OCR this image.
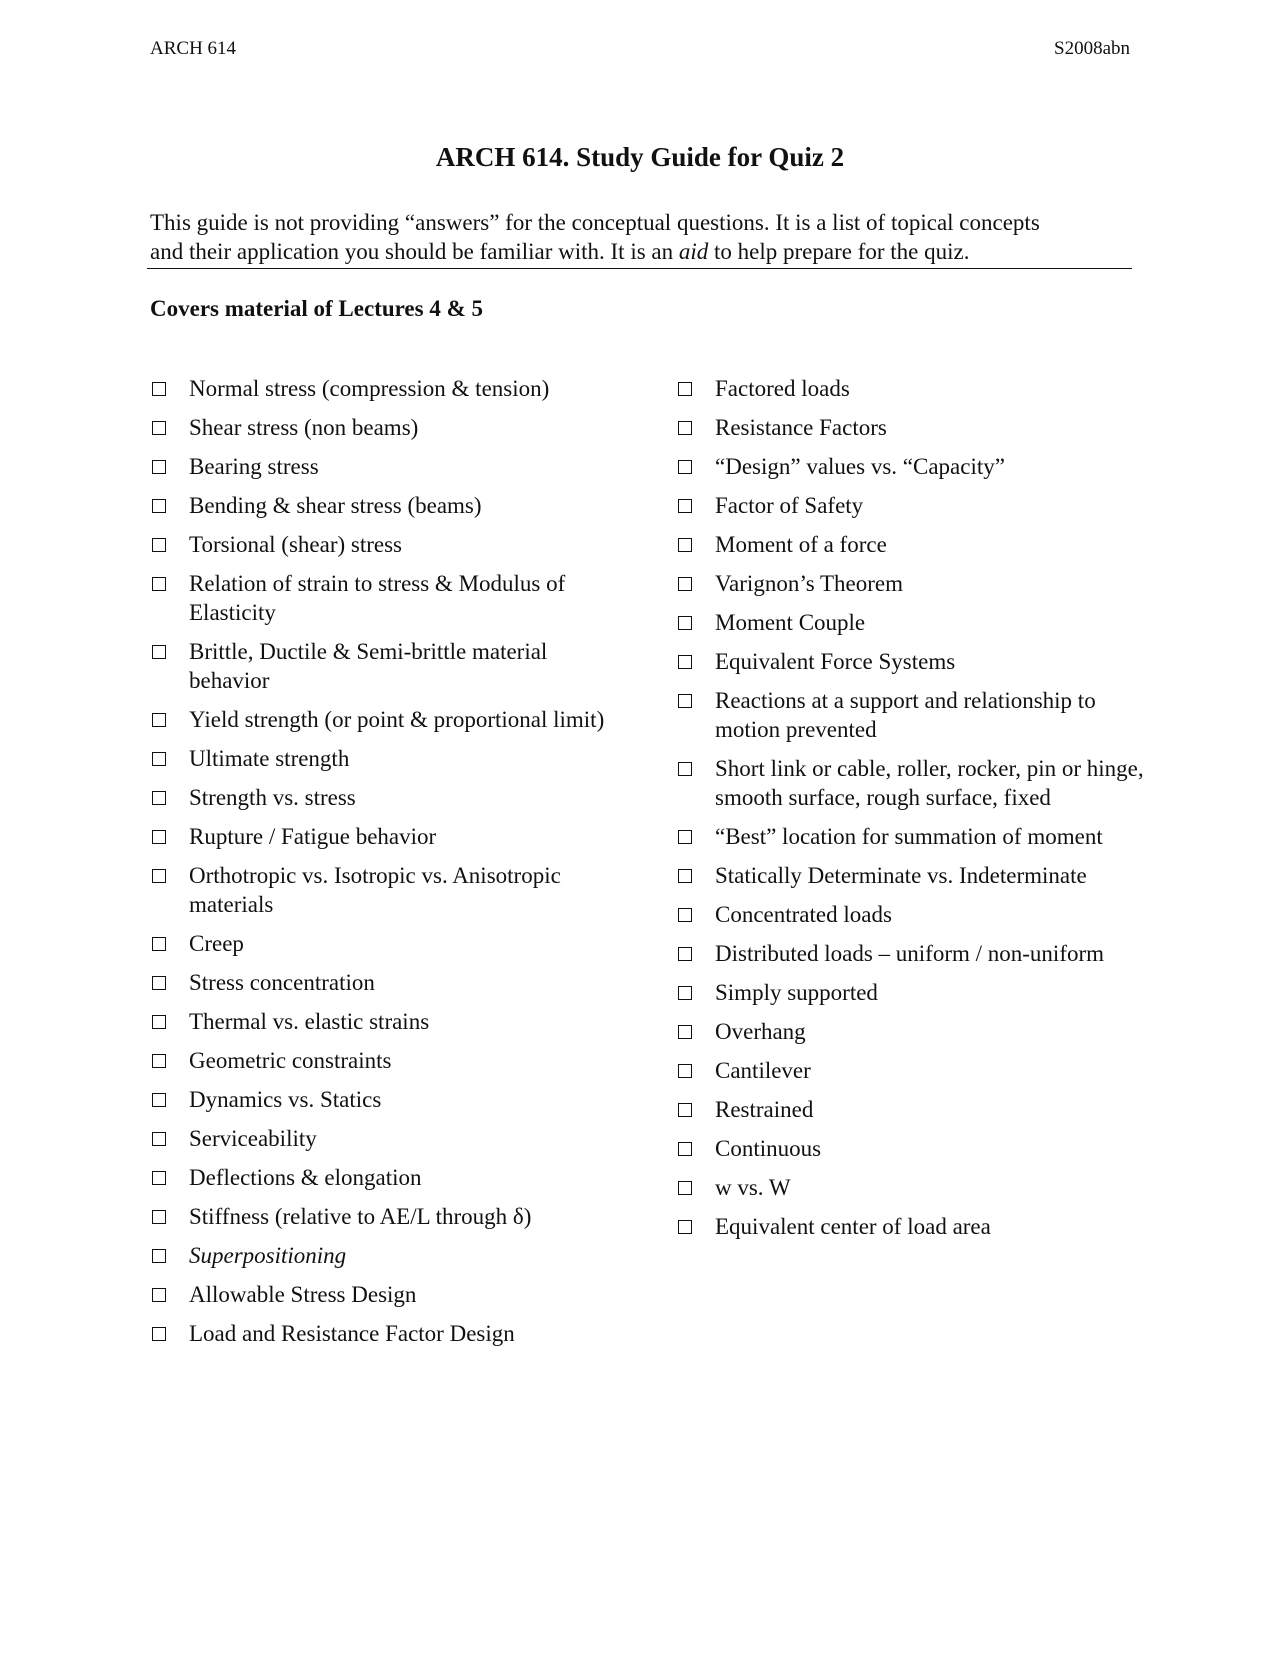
ARCH 614	S2008abn
ARCH 614. Study Guide for Quiz 2
This guide is not providing “answers” for the conceptual questions. It is a list of topical concepts
and their application you should be familiar with. It is an aid to help prepare for the quiz.
Covers material of Lectures 4 & 5
Normal stress (compression & tension)
Shear stress (non beams)
Bearing stress
Bending & shear stress (beams)
Torsional (shear) stress
Relation of strain to stress & Modulus of Elasticity
Brittle, Ductile & Semi-brittle material behavior
Yield strength (or point & proportional limit)
Ultimate strength
Strength vs. stress
Rupture / Fatigue behavior
Orthotropic vs. Isotropic vs. Anisotropic materials
Creep
Stress concentration
Thermal vs. elastic strains
Geometric constraints
Dynamics vs. Statics
Serviceability
Deflections & elongation
Stiffness (relative to AE/L through δ)
Superpositioning
Allowable Stress Design
Load and Resistance Factor Design
Factored loads
Resistance Factors
“Design” values vs. “Capacity”
Factor of Safety
Moment of a force
Varignon’s Theorem
Moment Couple
Equivalent Force Systems
Reactions at a support and relationship to motion prevented
Short link or cable, roller, rocker, pin or hinge, smooth surface, rough surface, fixed
“Best” location for summation of moment
Statically Determinate vs. Indeterminate
Concentrated loads
Distributed loads – uniform / non-uniform
Simply supported
Overhang
Cantilever
Restrained
Continuous
w vs. W
Equivalent center of load area
